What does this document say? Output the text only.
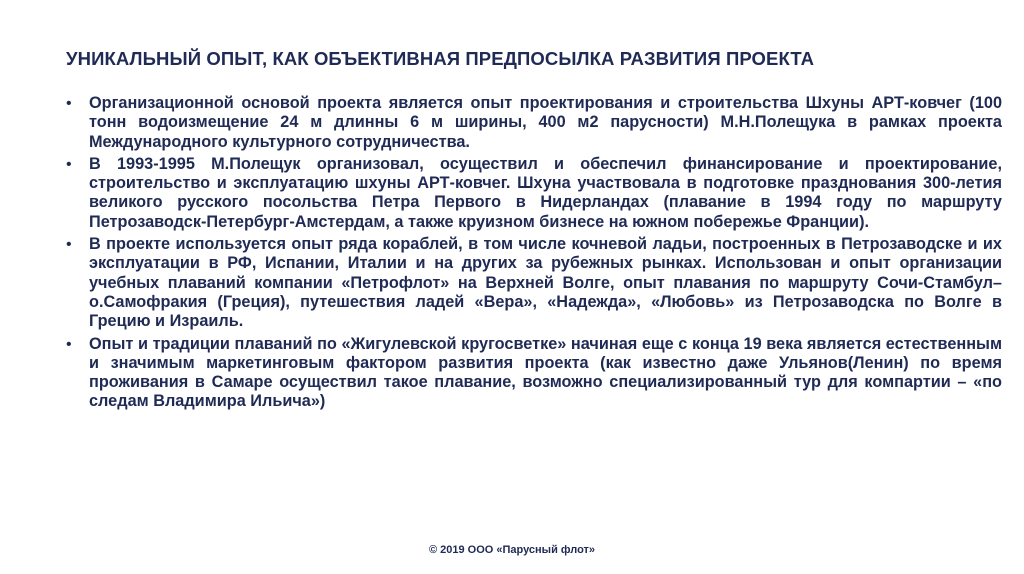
УНИКАЛЬНЫЙ ОПЫТ, КАК ОБЪЕКТИВНАЯ ПРЕДПОСЫЛКА РАЗВИТИЯ ПРОЕКТА
• Организационной основой проекта является опыт проектирования и строительства Шхуны АРТ-ковчег (100 тонн водоизмещение 24 м длинны 6 м ширины, 400 м2 парусности) М.Н.Полещука в рамках проекта Международного культурного сотрудничества.
• В 1993-1995 М.Полещук организовал, осуществил и обеспечил финансирование и проектирование, строительство и эксплуатацию шхуны АРТ-ковчег. Шхуна участвовала в подготовке празднования 300-летия великого русского посольства Петра Первого в Нидерландах (плавание в 1994 году по маршруту Петрозаводск-Петербург-Амстердам, а также круизном бизнесе на южном побережье Франции).
• В проекте используется опыт ряда кораблей, в том числе кочневой ладьи, построенных в Петрозаводске и их эксплуатации в РФ, Испании, Италии и на других за рубежных рынках. Использован и опыт организации учебных плаваний компании «Петрофлот» на Верхней Волге, опыт плавания по маршруту Сочи-Стамбул–о.Самофракия (Греция), путешествия ладей «Вера», «Надежда», «Любовь» из Петрозаводска по Волге в Грецию и Израиль.
• Опыт и традиции плаваний по «Жигулевской кругосветке» начиная еще с конца 19 века является естественным и значимым маркетинговым фактором развития проекта (как известно даже Ульянов(Ленин) по время проживания в Самаре осуществил такое плавание, возможно специализированный тур для компартии – «по следам Владимира Ильича»)
© 2019 ООО «Парусный флот»
